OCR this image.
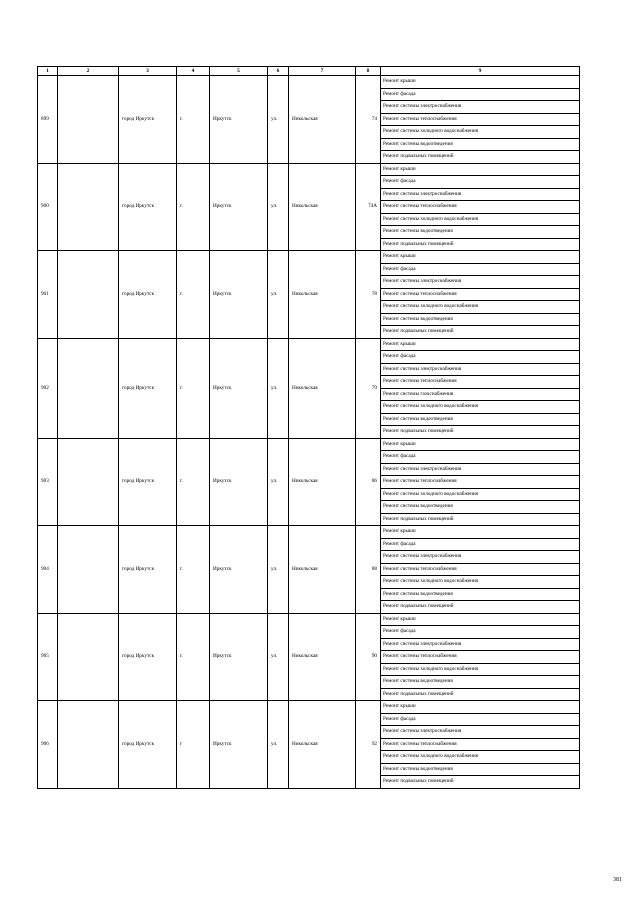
1	2	3	4	5	6	7	8	9
899		город Иркутск	г.	Иркутск	ул.	Никольская	74	Ремонт крыши
								Ремонт фасада
								Ремонт системы электроснабжения
								Ремонт системы теплоснабжения
								Ремонт системы холодного водоснабжения
								Ремонт системы водоотведения
								Ремонт подвальных помещений
900		город Иркутск	г.	Иркутск	ул.	Никольская	74А	Ремонт крыши
								Ремонт фасада
								Ремонт системы электроснабжения
								Ремонт системы теплоснабжения
								Ремонт системы холодного водоснабжения
								Ремонт системы водоотведения
								Ремонт подвальных помещений
901		город Иркутск	г.	Иркутск	ул.	Никольская	78	Ремонт крыши
								Ремонт фасада
								Ремонт системы электроснабжения
								Ремонт системы теплоснабжения
								Ремонт системы холодного водоснабжения
								Ремонт системы водоотведения
								Ремонт подвальных помещений
902		город Иркутск	г.	Иркутск	ул.	Никольская	79	Ремонт крыши
								Ремонт фасада
								Ремонт системы электроснабжения
								Ремонт системы теплоснабжения
								Ремонт системы газоснабжения
								Ремонт системы холодного водоснабжения
								Ремонт системы водоотведения
								Ремонт подвальных помещений
903		город Иркутск	г.	Иркутск	ул.	Никольская	86	Ремонт крыши
								Ремонт фасада
								Ремонт системы электроснабжения
								Ремонт системы теплоснабжения
								Ремонт системы холодного водоснабжения
								Ремонт системы водоотведения
								Ремонт подвальных помещений
904		город Иркутск	г.	Иркутск	ул.	Никольская	88	Ремонт крыши
								Ремонт фасада
								Ремонт системы электроснабжения
								Ремонт системы теплоснабжения
								Ремонт системы холодного водоснабжения
								Ремонт системы водоотведения
								Ремонт подвальных помещений
905		город Иркутск	г.	Иркутск	ул.	Никольская	90	Ремонт крыши
								Ремонт фасада
								Ремонт системы электроснабжения
								Ремонт системы теплоснабжения
								Ремонт системы холодного водоснабжения
								Ремонт системы водоотведения
								Ремонт подвальных помещений
906		город Иркутск	г	Иркутск	ул.	Никольская	92	Ремонт крыши
								Ремонт фасада
								Ремонт системы электроснабжения
								Ремонт системы теплоснабжения
								Ремонт системы холодного водоснабжения
								Ремонт системы водоотведения
								Ремонт подвальных помещений
381
